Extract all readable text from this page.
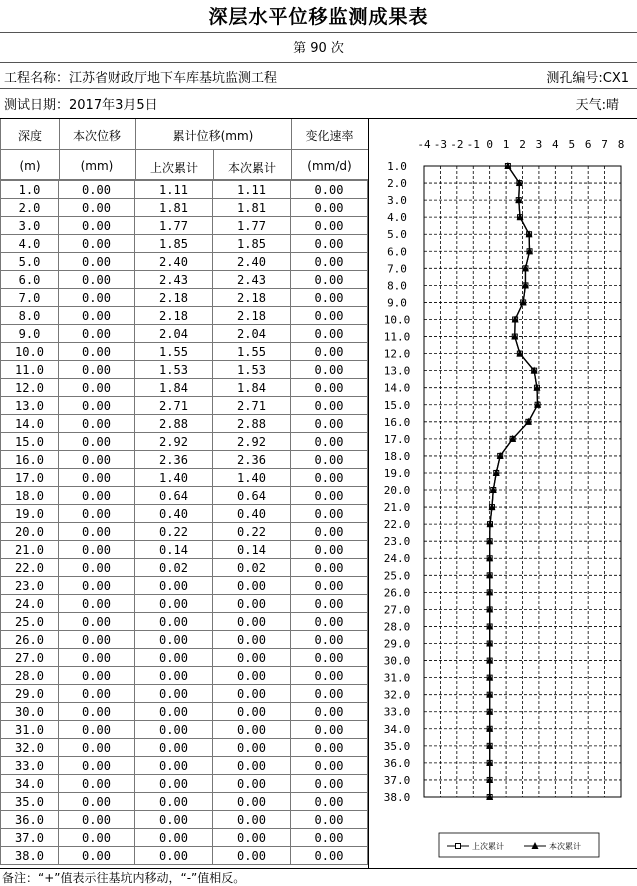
深层水平位移监测成果表
第 90 次
工程名称：江苏省财政厅地下车库基坑监测工程	测孔编号:CX1
测试日期：2017年3月5日	天气:晴
深度
(m)
本次位移
(mm)
累计位移(mm)
上次累计	本次累计
变化速率
(mm/d)
1.0	0.00	1.11	1.11	0.00
2.0	0.00	1.81	1.81	0.00
3.0	0.00	1.77	1.77	0.00
4.0	0.00	1.85	1.85	0.00
5.0	0.00	2.40	2.40	0.00
6.0	0.00	2.43	2.43	0.00
7.0	0.00	2.18	2.18	0.00
8.0	0.00	2.18	2.18	0.00
9.0	0.00	2.04	2.04	0.00
10.0	0.00	1.55	1.55	0.00
11.0	0.00	1.53	1.53	0.00
12.0	0.00	1.84	1.84	0.00
13.0	0.00	2.71	2.71	0.00
14.0	0.00	2.88	2.88	0.00
15.0	0.00	2.92	2.92	0.00
16.0	0.00	2.36	2.36	0.00
17.0	0.00	1.40	1.40	0.00
18.0	0.00	0.64	0.64	0.00
19.0	0.00	0.40	0.40	0.00
20.0	0.00	0.22	0.22	0.00
21.0	0.00	0.14	0.14	0.00
22.0	0.00	0.02	0.02	0.00
23.0	0.00	0.00	0.00	0.00
24.0	0.00	0.00	0.00	0.00
25.0	0.00	0.00	0.00	0.00
26.0	0.00	0.00	0.00	0.00
27.0	0.00	0.00	0.00	0.00
28.0	0.00	0.00	0.00	0.00
29.0	0.00	0.00	0.00	0.00
30.0	0.00	0.00	0.00	0.00
31.0	0.00	0.00	0.00	0.00
32.0	0.00	0.00	0.00	0.00
33.0	0.00	0.00	0.00	0.00
34.0	0.00	0.00	0.00	0.00
35.0	0.00	0.00	0.00	0.00
36.0	0.00	0.00	0.00	0.00
37.0	0.00	0.00	0.00	0.00
38.0	0.00	0.00	0.00	0.00
-4 -3 -2 -1 0 1 2 3 4 5 6 7 8
1.0
2.0
3.0
4.0
5.0
6.0
7.0
8.0
9.0
10.0
11.0
12.0
13.0
14.0
15.0
16.0
17.0
18.0
19.0
20.0
21.0
22.0
23.0
24.0
25.0
26.0
27.0
28.0
29.0
30.0
31.0
32.0
33.0
34.0
35.0
36.0
37.0
38.0
上次累计	本次累计
备注：“+”值表示往基坑内移动，“-”值相反。
